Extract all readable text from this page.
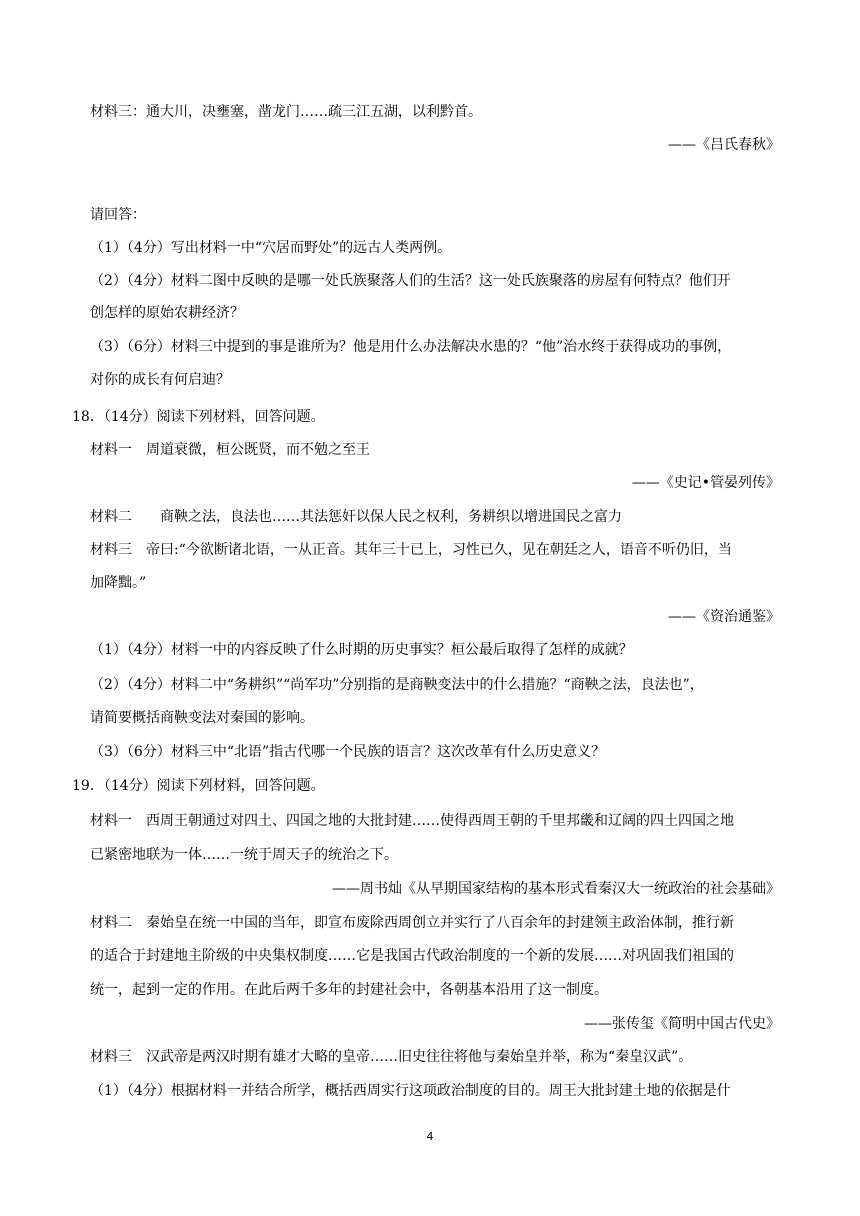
材料三：通大川，决壅塞，凿龙门……疏三江五湖，以利黔首。
——《吕氏春秋》
请回答：
（1）（4分）写出材料一中“穴居而野处”的远古人类两例。
（2）（4分）材料二图中反映的是哪一处氏族聚落人们的生活？这一处氏族聚落的房屋有何特点？他们开
创怎样的原始农耕经济？
（3）（6分）材料三中提到的事是谁所为？他是用什么办法解决水患的？“他”治水终于获得成功的事例，
对你的成长有何启迪？
18．（14分）阅读下列材料，回答问题。
材料一　周道衰微，桓公既贤，而不勉之至王
——《史记•管晏列传》
材料二　　商鞅之法，良法也……其法惩奸以保人民之权利，务耕织以增进国民之富力
材料三　帝曰:“今欲断诸北语，一从正音。其年三十已上，习性已久，见在朝廷之人，语音不听仍旧，当
加降黜。”
——《资治通鉴》
（1）（4分）材料一中的内容反映了什么时期的历史事实？桓公最后取得了怎样的成就？
（2）（4分）材料二中“务耕织”“尚军功”分别指的是商鞅变法中的什么措施？“商鞅之法，良法也”，
请简要概括商鞅变法对秦国的影响。
（3）（6分）材料三中“北语”指古代哪一个民族的语言？这次改革有什么历史意义？
19．（14分）阅读下列材料，回答问题。
材料一　西周王朝通过对四土、四国之地的大批封建……使得西周王朝的千里邦畿和辽阔的四土四国之地
已紧密地联为一体……一统于周天子的统治之下。
——周书灿《从早期国家结构的基本形式看秦汉大一统政治的社会基础》
材料二　秦始皇在统一中国的当年，即宣布废除西周创立并实行了八百余年的封建领主政治体制，推行新
的适合于封建地主阶级的中央集权制度……它是我国古代政治制度的一个新的发展……对巩固我们祖国的
统一，起到一定的作用。在此后两千多年的封建社会中，各朝基本沿用了这一制度。
——张传玺《简明中国古代史》
材料三　汉武帝是两汉时期有雄才大略的皇帝……旧史往往将他与秦始皇并举，称为“秦皇汉武”。
（1）（4分）根据材料一并结合所学，概括西周实行这项政治制度的目的。周王大批封建土地的依据是什
4
